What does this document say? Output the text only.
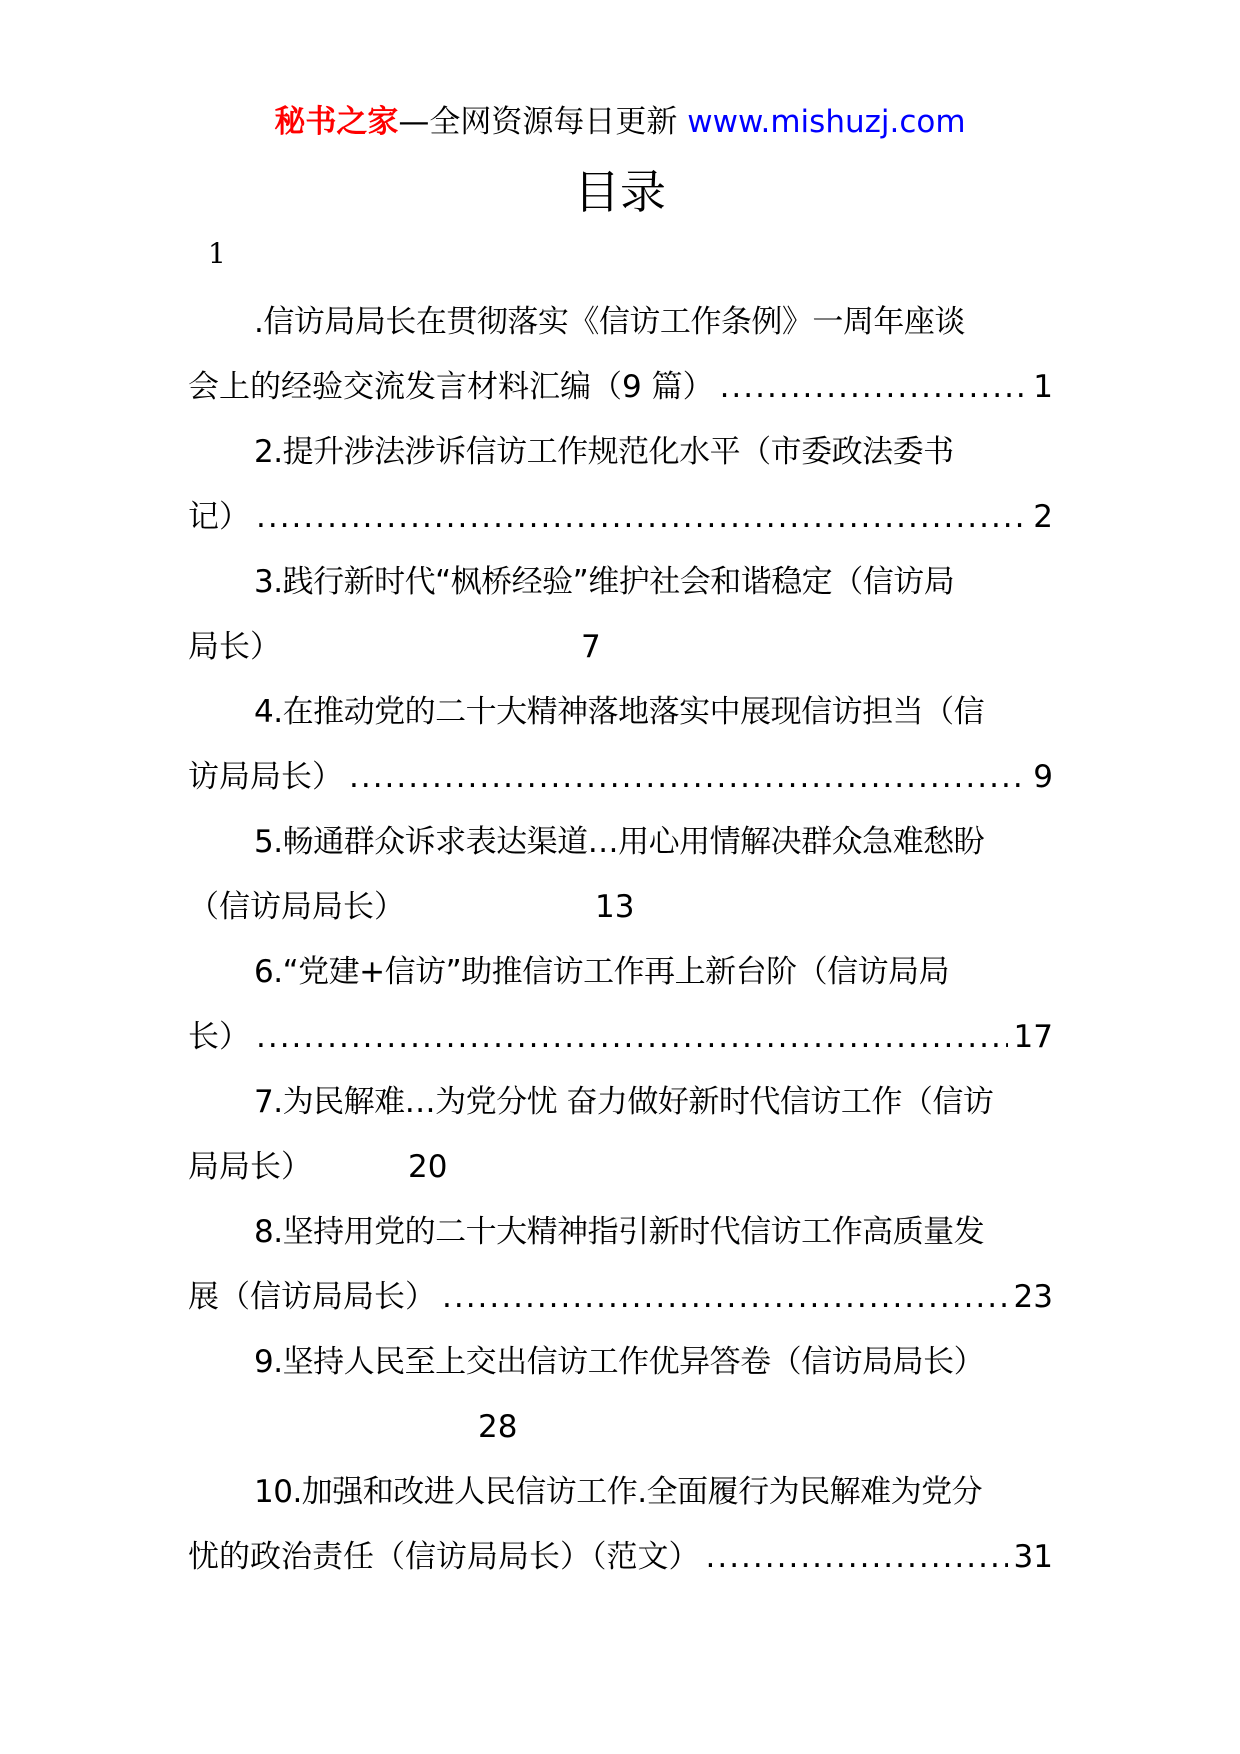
秘书之家—全网资源每日更新 www.mishuzj.com
目录
1
.信访局局长在贯彻落实《信访工作条例》一周年座谈
会上的经验交流发言材料汇编（9 篇） .....	1
2.提升涉法涉诉信访工作规范化水平（市委政法委书
记） .....	2
3.践行新时代“枫桥经验”维护社会和谐稳定（信访局
局长）	7
4.在推动党的二十大精神落地落实中展现信访担当（信
访局局长） .....	9
5.畅通群众诉求表达渠道…用心用情解决群众急难愁盼
（信访局局长）	13
6.“党建+信访”助推信访工作再上新台阶（信访局局
长） .....	17
7.为民解难…为党分忧 奋力做好新时代信访工作（信访
局局长）	20
8.坚持用党的二十大精神指引新时代信访工作高质量发
展（信访局局长） .....	23
9.坚持人民至上交出信访工作优异答卷（信访局局长）
28
10.加强和改进人民信访工作.全面履行为民解难为党分
忧的政治责任（信访局局长）（范文） .....	31
